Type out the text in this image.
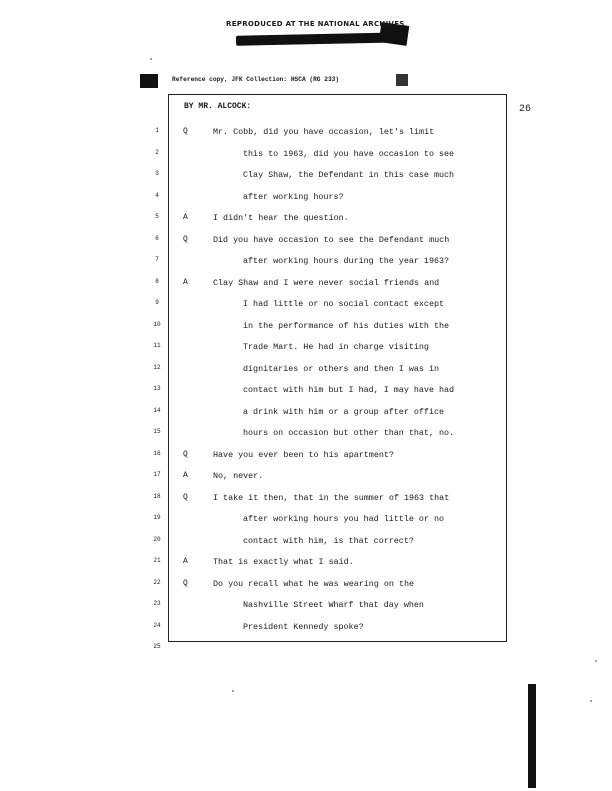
REPRODUCED AT THE NATIONAL ARCHIVES
Reference copy, JFK Collection: HSCA (RG 233)
26
BY MR. ALCOCK:
1	Q	Mr. Cobb, did you have occasion, let's limit
2	this to 1963, did you have occasion to see
3	Clay Shaw, the Defendant in this case much
4	after working hours?
5	A	I didn't hear the question.
6	Q	Did you have occasion to see the Defendant much
7	after working hours during the year 1963?
8	A	Clay Shaw and I were never social friends and
9	I had little or no social contact except
10	in the performance of his duties with the
11	Trade Mart. He had in charge visiting
12	dignitaries or others and then I was in
13	contact with him but I had, I may have had
14	a drink with him or a group after office
15	hours on occasion but other than that, no.
16	Q	Have you ever been to his apartment?
17	A	No, never.
18	Q	I take it then, that in the summer of 1963 that
19	after working hours you had little or no
20	contact with him, is that correct?
21	A	That is exactly what I said.
22	Q	Do you recall what he was wearing on the
23	Nashville Street Wharf that day when
24	President Kennedy spoke?
25
